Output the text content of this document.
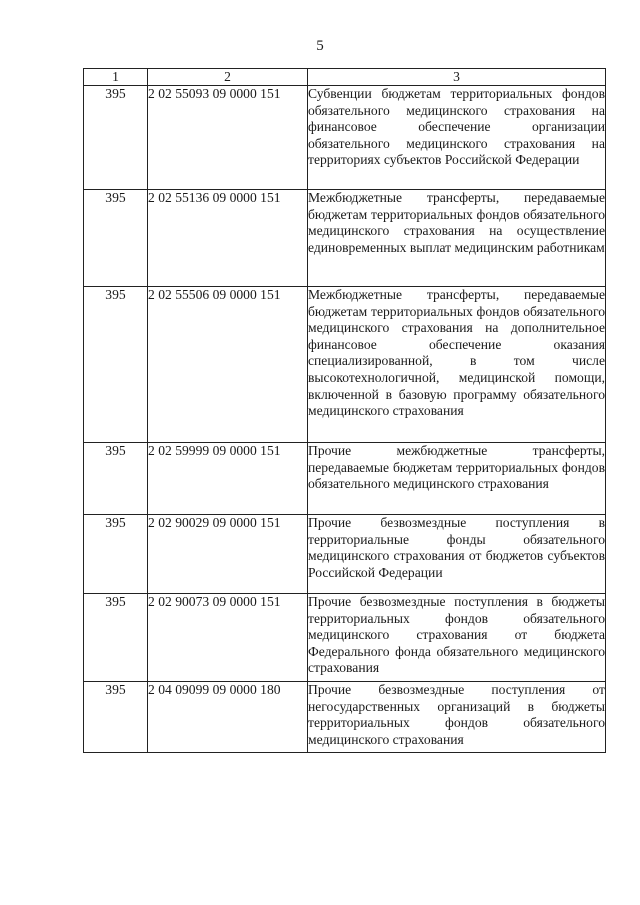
5
1	2	3
395	2 02 55093 09 0000 151	Субвенции бюджетам территориальных фондов обязательного медицинского страхования на финансовое обеспечение организации обязательного медицинского страхования на территориях субъектов Российской Федерации
395	2 02 55136 09 0000 151	Межбюджетные трансферты, передаваемые бюджетам территориальных фондов обязательного медицинского страхования на осуществление единовременных выплат медицинским работникам
395	2 02 55506 09 0000 151	Межбюджетные трансферты, передаваемые бюджетам территориальных фондов обязательного медицинского страхования на дополнительное финансовое обеспечение оказания специализированной, в том числе высокотехнологичной, медицинской помощи, включенной в базовую программу обязательного медицинского страхования
395	2 02 59999 09 0000 151	Прочие межбюджетные трансферты, передаваемые бюджетам территориальных фондов обязательного медицинского страхования
395	2 02 90029 09 0000 151	Прочие безвозмездные поступления в территориальные фонды обязательного медицинского страхования от бюджетов субъектов Российской Федерации
395	2 02 90073 09 0000 151	Прочие безвозмездные поступления в бюджеты территориальных фондов обязательного медицинского страхования от бюджета Федерального фонда обязательного медицинского страхования
395	2 04 09099 09 0000 180	Прочие безвозмездные поступления от негосударственных организаций в бюджеты территориальных фондов обязательного медицинского страхования
